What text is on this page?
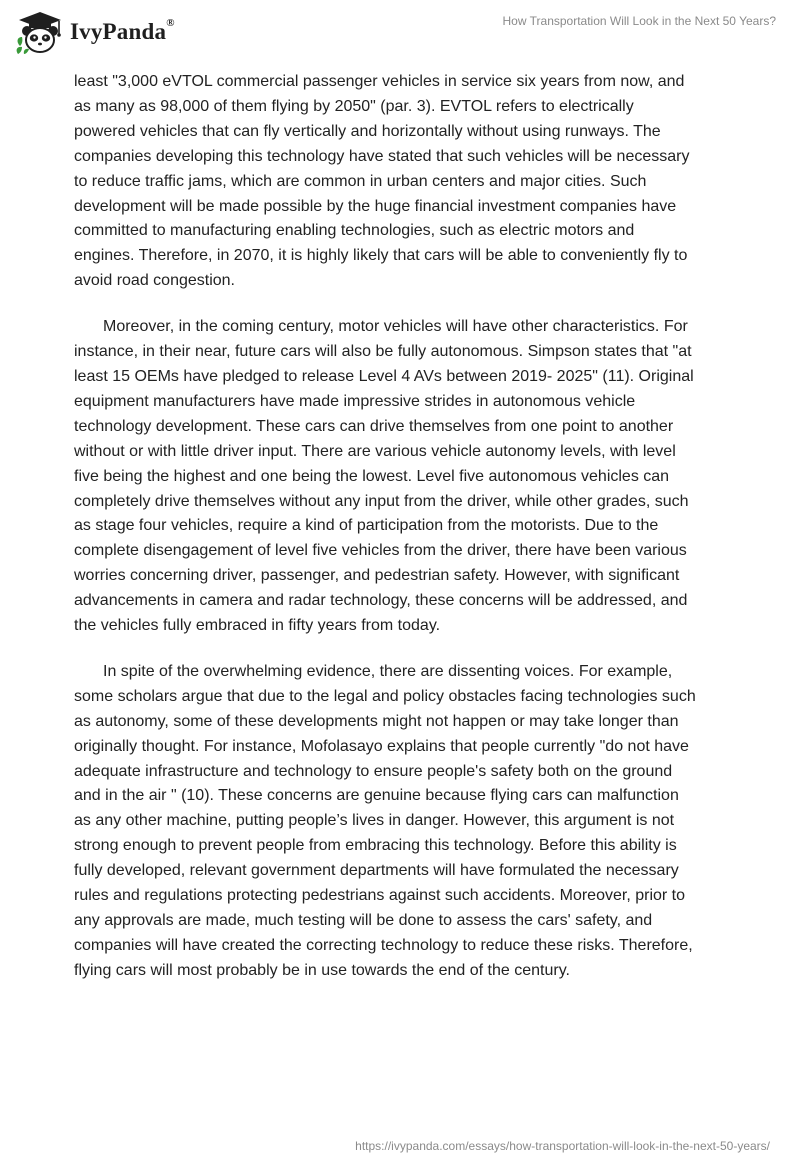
IvyPanda®	How Transportation Will Look in the Next 50 Years?

least "3,000 eVTOL commercial passenger vehicles in service six years from now, and
as many as 98,000 of them flying by 2050" (par. 3). EVTOL refers to electrically
powered vehicles that can fly vertically and horizontally without using runways. The
companies developing this technology have stated that such vehicles will be necessary
to reduce traffic jams, which are common in urban centers and major cities. Such
development will be made possible by the huge financial investment companies have
committed to manufacturing enabling technologies, such as electric motors and
engines. Therefore, in 2070, it is highly likely that cars will be able to conveniently fly to
avoid road congestion.

Moreover, in the coming century, motor vehicles will have other characteristics. For
instance, in their near, future cars will also be fully autonomous. Simpson states that "at
least 15 OEMs have pledged to release Level 4 AVs between 2019- 2025" (11). Original
equipment manufacturers have made impressive strides in autonomous vehicle
technology development. These cars can drive themselves from one point to another
without or with little driver input. There are various vehicle autonomy levels, with level
five being the highest and one being the lowest. Level five autonomous vehicles can
completely drive themselves without any input from the driver, while other grades, such
as stage four vehicles, require a kind of participation from the motorists. Due to the
complete disengagement of level five vehicles from the driver, there have been various
worries concerning driver, passenger, and pedestrian safety. However, with significant
advancements in camera and radar technology, these concerns will be addressed, and
the vehicles fully embraced in fifty years from today.

In spite of the overwhelming evidence, there are dissenting voices. For example,
some scholars argue that due to the legal and policy obstacles facing technologies such
as autonomy, some of these developments might not happen or may take longer than
originally thought. For instance, Mofolasayo explains that people currently "do not have
adequate infrastructure and technology to ensure people's safety both on the ground
and in the air " (10). These concerns are genuine because flying cars can malfunction
as any other machine, putting people’s lives in danger. However, this argument is not
strong enough to prevent people from embracing this technology. Before this ability is
fully developed, relevant government departments will have formulated the necessary
rules and regulations protecting pedestrians against such accidents. Moreover, prior to
any approvals are made, much testing will be done to assess the cars' safety, and
companies will have created the correcting technology to reduce these risks. Therefore,
flying cars will most probably be in use towards the end of the century.

https://ivypanda.com/essays/how-transportation-will-look-in-the-next-50-years/
